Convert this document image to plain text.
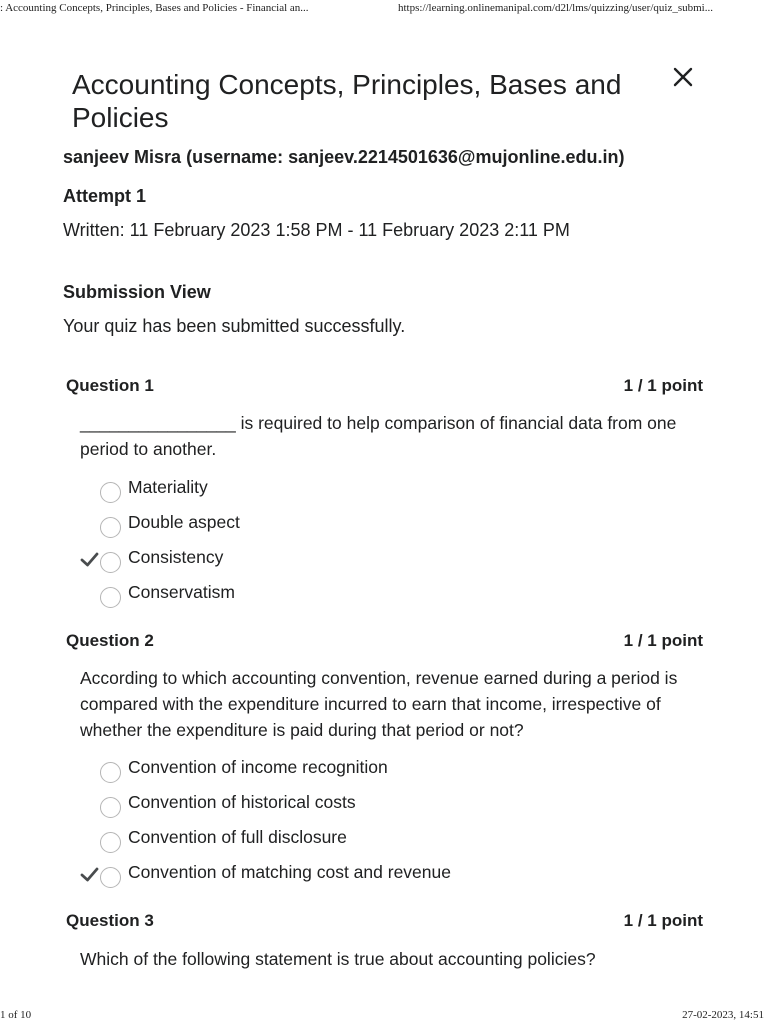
: Accounting Concepts, Principles, Bases and Policies - Financial an...	https://learning.onlinemanipal.com/d2l/lms/quizzing/user/quiz_submi...
1 of 10	27-02-2023, 14:51
Accounting Concepts, Principles, Bases and Policies
sanjeev Misra (username: sanjeev.2214501636@mujonline.edu.in)
Attempt 1
Written: 11 February 2023 1:58 PM - 11 February 2023 2:11 PM
Submission View
Your quiz has been submitted successfully.
Question 1	1 / 1 point

________________ is required to help comparison of financial data from one period to another.

Materiality
Double aspect
Consistency
Conservatism
Question 2	1 / 1 point

According to which accounting convention, revenue earned during a period is compared with the expenditure incurred to earn that income, irrespective of whether the expenditure is paid during that period or not?

Convention of income recognition
Convention of historical costs
Convention of full disclosure
Convention of matching cost and revenue
Question 3	1 / 1 point

Which of the following statement is true about accounting policies?
